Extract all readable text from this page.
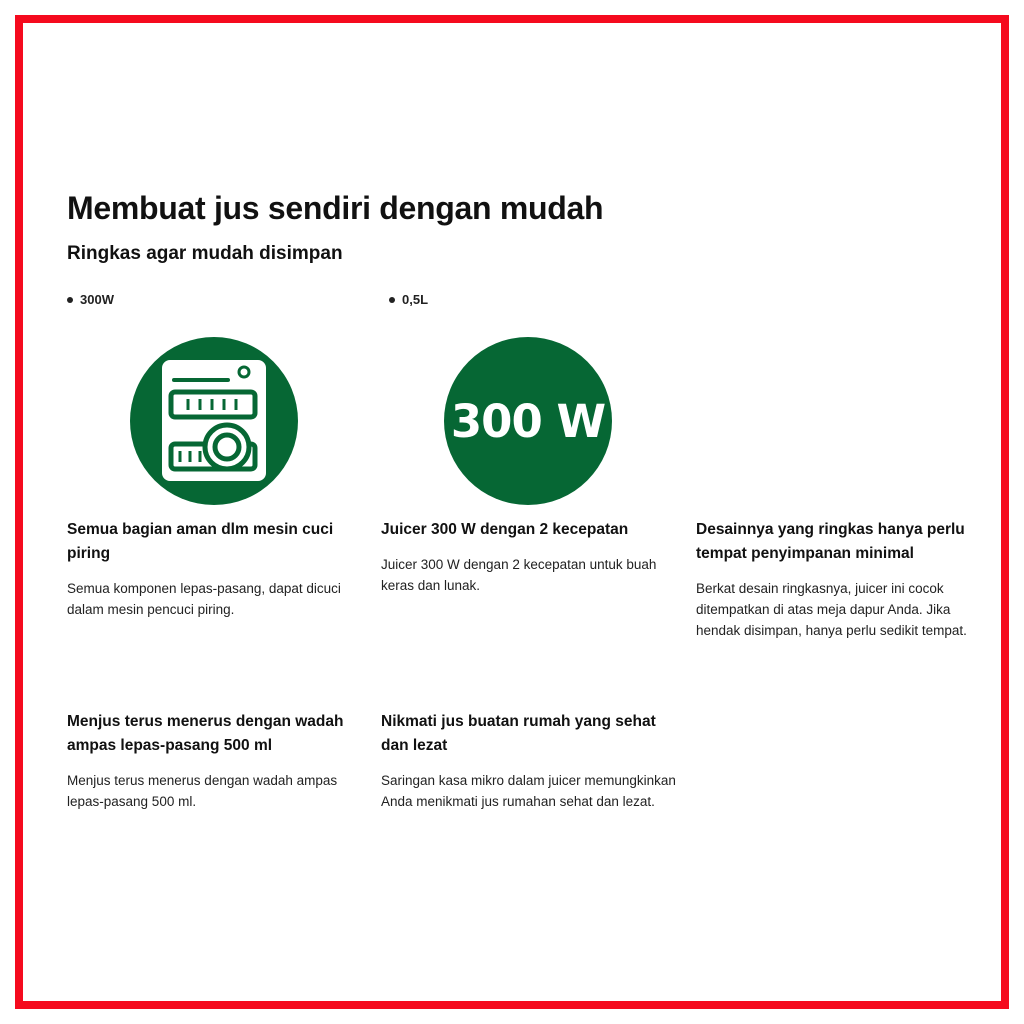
Membuat jus sendiri dengan mudah
Ringkas agar mudah disimpan
300W	0,5L
300 W
Semua bagian aman dlm mesin cuci piring

Semua komponen lepas-pasang, dapat dicuci dalam mesin pencuci piring.

Juicer 300 W dengan 2 kecepatan

Juicer 300 W dengan 2 kecepatan untuk buah keras dan lunak.

Desainnya yang ringkas hanya perlu tempat penyimpanan minimal

Berkat desain ringkasnya, juicer ini cocok ditempatkan di atas meja dapur Anda. Jika hendak disimpan, hanya perlu sedikit tempat.

Menjus terus menerus dengan wadah ampas lepas-pasang 500 ml

Menjus terus menerus dengan wadah ampas lepas-pasang 500 ml.

Nikmati jus buatan rumah yang sehat dan lezat

Saringan kasa mikro dalam juicer memungkinkan Anda menikmati jus rumahan sehat dan lezat.
